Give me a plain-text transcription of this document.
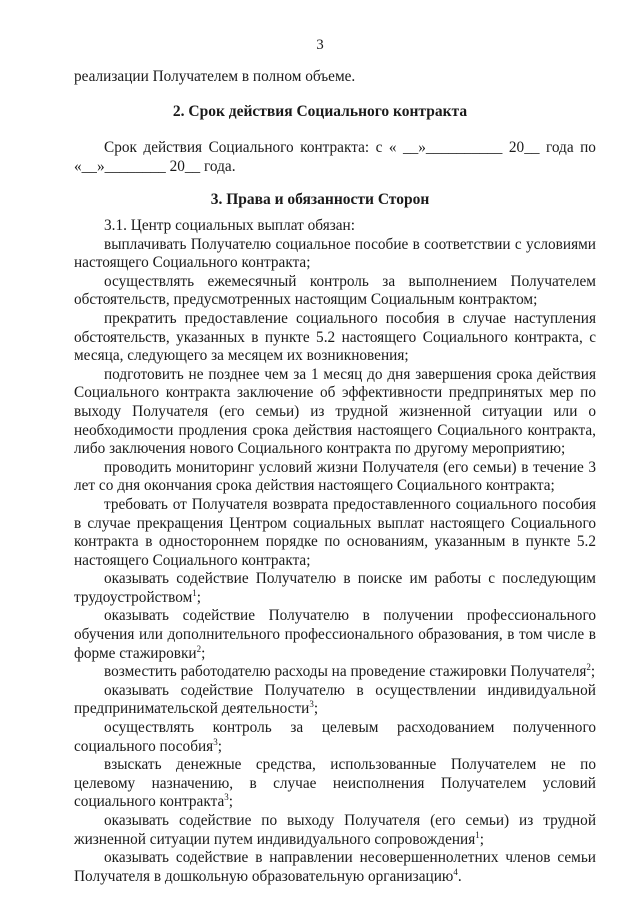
3

реализации Получателем в полном объеме.

2. Срок действия Социального контракта
Срок действия Социального контракта: с « __»__________ 20__ года по
«__»________ 20__ года.
3. Права и обязанности Сторон

3.1. Центр социальных выплат обязан:

выплачивать Получателю социальное пособие в соответствии с условиями настоящего Социального контракта;

осуществлять ежемесячный контроль за выполнением Получателем обстоятельств, предусмотренных настоящим Социальным контрактом;

прекратить предоставление социального пособия в случае наступления обстоятельств, указанных в пункте 5.2 настоящего Социального контракта, с месяца, следующего за месяцем их возникновения;

подготовить не позднее чем за 1 месяц до дня завершения срока действия Социального контракта заключение об эффективности предпринятых мер по выходу Получателя (его семьи) из трудной жизненной ситуации или о необходимости продления срока действия настоящего Социального контракта, либо заключения нового Социального контракта по другому мероприятию;

проводить мониторинг условий жизни Получателя (его семьи) в течение 3 лет со дня окончания срока действия настоящего Социального контракта;

требовать от Получателя возврата предоставленного социального пособия в случае прекращения Центром социальных выплат настоящего Социального контракта в одностороннем порядке по основаниям, указанным в пункте 5.2 настоящего Социального контракта;

оказывать содействие Получателю в поиске им работы с последующим трудоустройством$^1$;

оказывать содействие Получателю в получении профессионального обучения или дополнительного профессионального образования, в том числе в форме стажировки$^2$;

возместить работодателю расходы на проведение стажировки Получателя$^2$;

оказывать содействие Получателю в осуществлении индивидуальной предпринимательской деятельности$^3$;

осуществлять контроль за целевым расходованием полученного социального пособия$^3$;

взыскать денежные средства, использованные Получателем не по целевому назначению, в случае неисполнения Получателем условий социального контракта$^3$;

оказывать содействие по выходу Получателя (его семьи) из трудной жизненной ситуации путем индивидуального сопровождения$^1$;

оказывать содействие в направлении несовершеннолетних членов семьи Получателя в дошкольную образовательную организацию$^4$.
